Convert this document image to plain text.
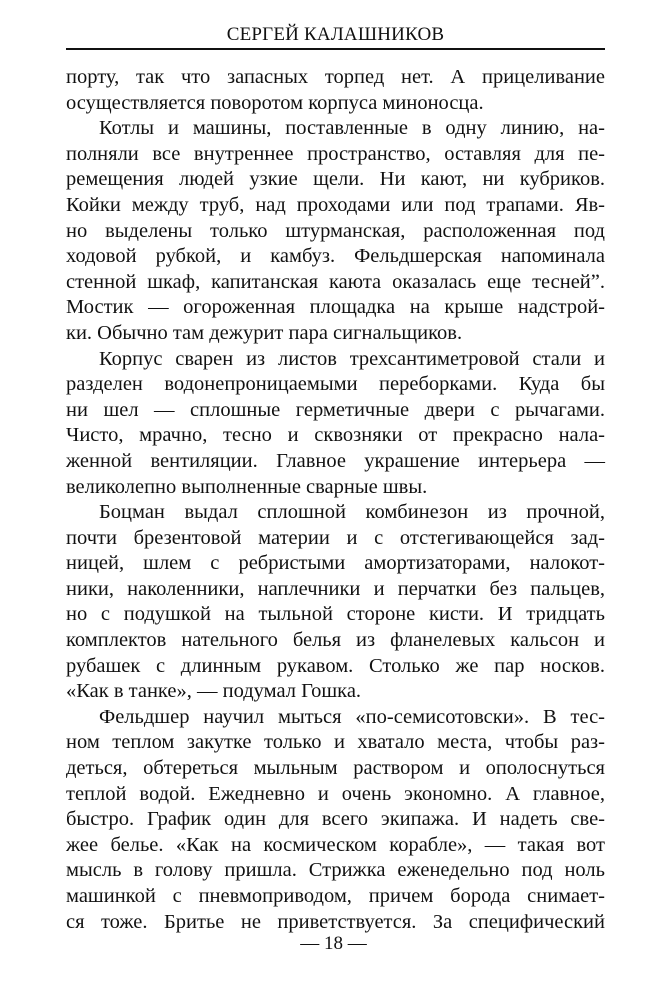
СЕРГЕЙ КАЛАШНИКОВ
порту, так что запасных торпед нет. А прицеливание
осуществляется поворотом корпуса миноносца.
Котлы и машины, поставленные в одну линию, на-
полняли все внутреннее пространство, оставляя для пе-
ремещения людей узкие щели. Ни кают, ни кубриков.
Койки между труб, над проходами или под трапами. Яв-
но выделены только штурманская, расположенная под
ходовой рубкой, и камбуз. Фельдшерская напоминала
стенной шкаф, капитанская каюта оказалась еще теснейˮ.
Мостик — огороженная площадка на крыше надстрой-
ки. Обычно там дежурит пара сигнальщиков.
Корпус сварен из листов трехсантиметровой стали и
разделен водонепроницаемыми переборками. Куда бы
ни шел — сплошные герметичные двери с рычагами.
Чисто, мрачно, тесно и сквозняки от прекрасно нала-
женной вентиляции. Главное украшение интерьера —
великолепно выполненные сварные швы.
Боцман выдал сплошной комбинезон из прочной,
почти брезентовой материи и с отстегивающейся зад-
ницей, шлем с ребристыми амортизаторами, налокот-
ники, наколенники, наплечники и перчатки без пальцев,
но с подушкой на тыльной стороне кисти. И тридцать
комплектов нательного белья из фланелевых кальсон и
рубашек с длинным рукавом. Столько же пар носков.
«Как в танке», — подумал Гошка.
Фельдшер научил мыться «по-семисотовски». В тес-
ном теплом закутке только и хватало места, чтобы раз-
деться, обтереться мыльным раствором и ополоснуться
теплой водой. Ежедневно и очень экономно. А главное,
быстро. График один для всего экипажа. И надеть све-
жее белье. «Как на космическом корабле», — такая вот
мысль в голову пришла. Стрижка еженедельно под ноль
машинкой с пневмоприводом, причем борода снимает-
ся тоже. Бритье не приветствуется. За специфический
— 18 —
